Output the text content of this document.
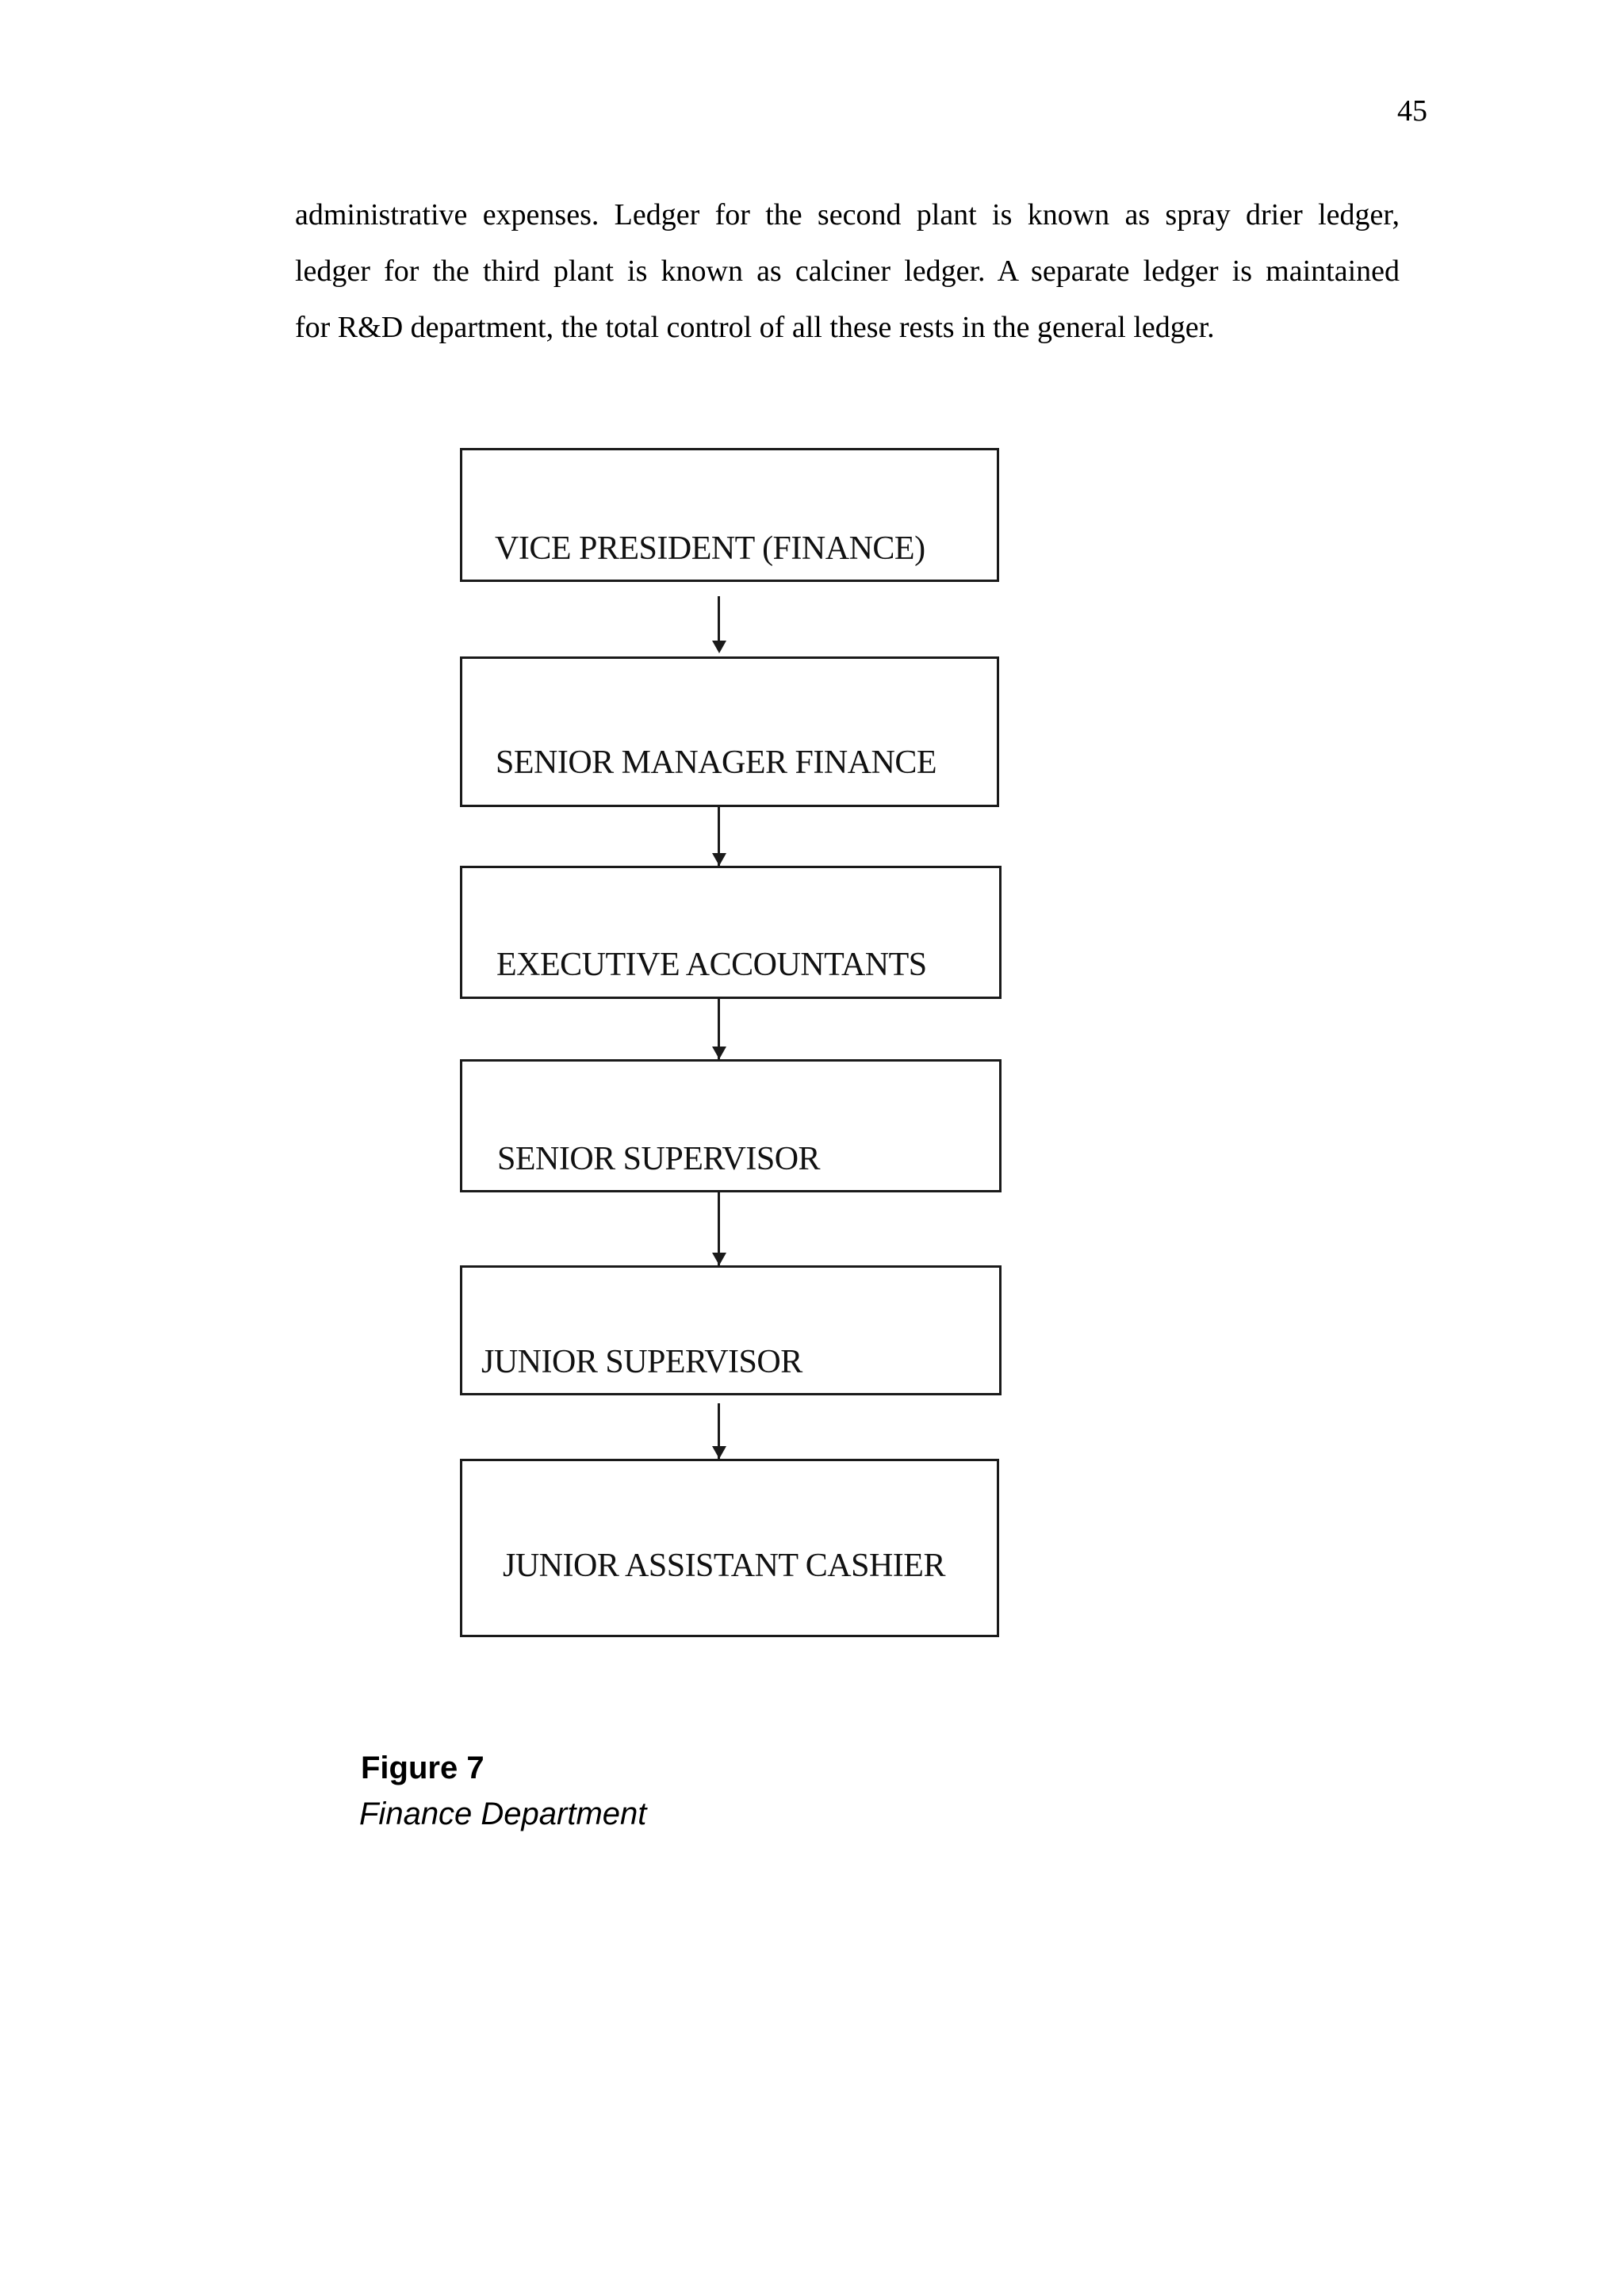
45
administrative expenses. Ledger for the second plant is known as spray drier ledger,
ledger for the third plant is known as calciner ledger. A separate ledger is maintained
for R&D department, the total control of all these rests in the general ledger.
VICE PRESIDENT (FINANCE)
SENIOR MANAGER FINANCE
EXECUTIVE ACCOUNTANTS
SENIOR SUPERVISOR
JUNIOR SUPERVISOR
JUNIOR ASSISTANT CASHIER
Figure 7
Finance Department
